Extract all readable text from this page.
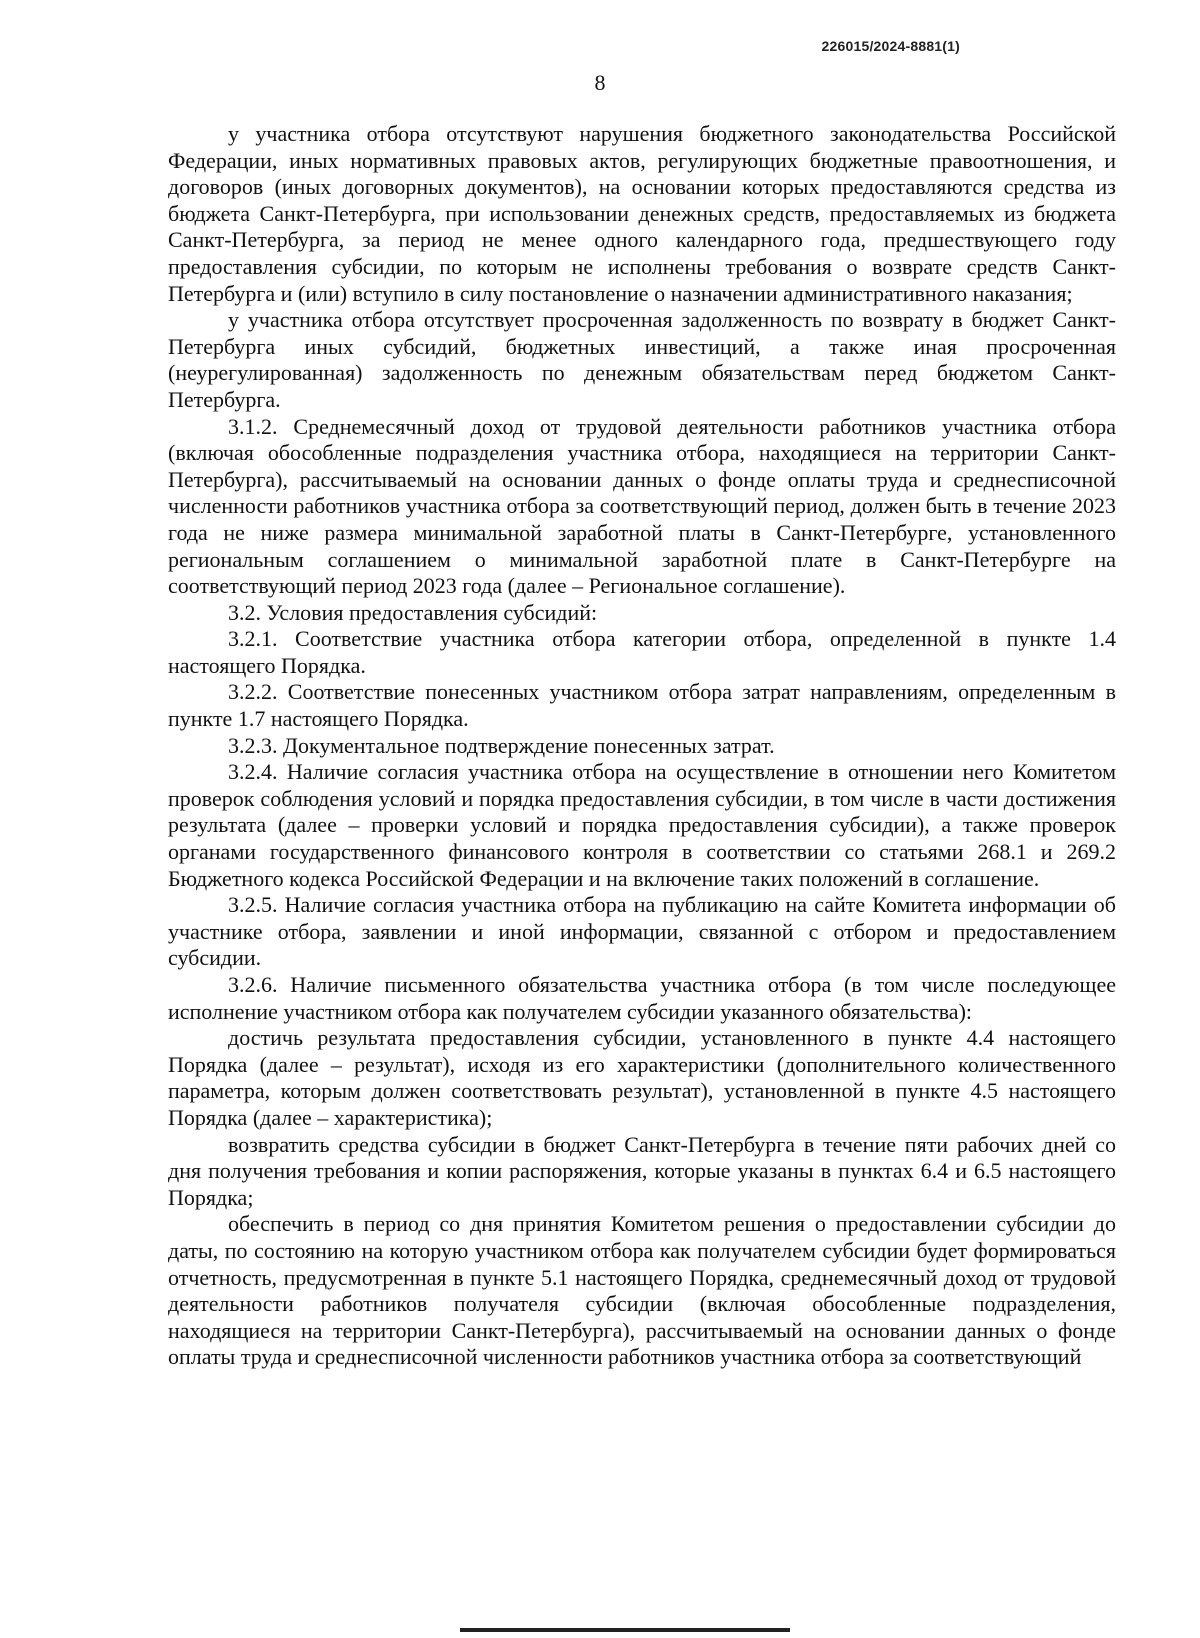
226015/2024-8881(1)
8

у участника отбора отсутствуют нарушения бюджетного законодательства Российской Федерации, иных нормативных правовых актов, регулирующих бюджетные правоотношения, и договоров (иных договорных документов), на основании которых предоставляются средства из бюджета Санкт-Петербурга, при использовании денежных средств, предоставляемых из бюджета Санкт-Петербурга, за период не менее одного календарного года, предшествующего году предоставления субсидии, по которым не исполнены требования о возврате средств Санкт-Петербурга и (или) вступило в силу постановление о назначении административного наказания;

у участника отбора отсутствует просроченная задолженность по возврату в бюджет Санкт-Петербурга иных субсидий, бюджетных инвестиций, а также иная просроченная (неурегулированная) задолженность по денежным обязательствам перед бюджетом Санкт-Петербурга.

3.1.2. Среднемесячный доход от трудовой деятельности работников участника отбора (включая обособленные подразделения участника отбора, находящиеся на территории Санкт-Петербурга), рассчитываемый на основании данных о фонде оплаты труда и среднесписочной численности работников участника отбора за соответствующий период, должен быть в течение 2023 года не ниже размера минимальной заработной платы в Санкт-Петербурге, установленного региональным соглашением о минимальной заработной плате в Санкт-Петербурге на соответствующий период 2023 года (далее – Региональное соглашение).

3.2. Условия предоставления субсидий:

3.2.1. Соответствие участника отбора категории отбора, определенной в пункте 1.4 настоящего Порядка.

3.2.2. Соответствие понесенных участником отбора затрат направлениям, определенным в пункте 1.7 настоящего Порядка.

3.2.3. Документальное подтверждение понесенных затрат.

3.2.4. Наличие согласия участника отбора на осуществление в отношении него Комитетом проверок соблюдения условий и порядка предоставления субсидии, в том числе в части достижения результата (далее – проверки условий и порядка предоставления субсидии), а также проверок органами государственного финансового контроля в соответствии со статьями 268.1 и 269.2 Бюджетного кодекса Российской Федерации и на включение таких положений в соглашение.

3.2.5. Наличие согласия участника отбора на публикацию на сайте Комитета информации об участнике отбора, заявлении и иной информации, связанной с отбором и предоставлением субсидии.

3.2.6. Наличие письменного обязательства участника отбора (в том числе последующее исполнение участником отбора как получателем субсидии указанного обязательства):

достичь результата предоставления субсидии, установленного в пункте 4.4 настоящего Порядка (далее – результат), исходя из его характеристики (дополнительного количественного параметра, которым должен соответствовать результат), установленной в пункте 4.5 настоящего Порядка (далее – характеристика);

возвратить средства субсидии в бюджет Санкт-Петербурга в течение пяти рабочих дней со дня получения требования и копии распоряжения, которые указаны в пунктах 6.4 и 6.5 настоящего Порядка;

обеспечить в период со дня принятия Комитетом решения о предоставлении субсидии до даты, по состоянию на которую участником отбора как получателем субсидии будет формироваться отчетность, предусмотренная в пункте 5.1 настоящего Порядка, среднемесячный доход от трудовой деятельности работников получателя субсидии (включая обособленные подразделения, находящиеся на территории Санкт-Петербурга), рассчитываемый на основании данных о фонде оплаты труда и среднесписочной численности работников участника отбора за соответствующий
